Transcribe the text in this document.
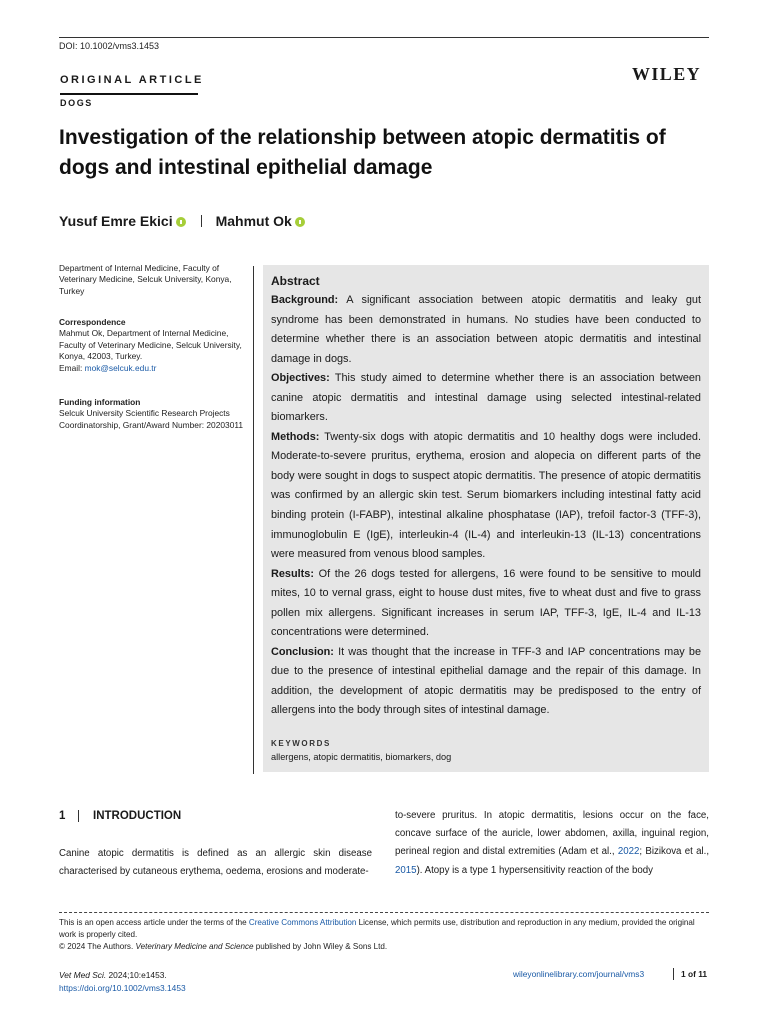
DOI: 10.1002/vms3.1453
ORIGINAL ARTICLE
DOGS
WILEY
Investigation of the relationship between atopic dermatitis of dogs and intestinal epithelial damage
Yusuf Emre Ekici	Mahmut Ok
Department of Internal Medicine, Faculty of Veterinary Medicine, Selcuk University, Konya, Turkey
Correspondence
Mahmut Ok, Department of Internal Medicine, Faculty of Veterinary Medicine, Selcuk University, Konya, 42003, Turkey.
Email: mok@selcuk.edu.tr
Funding information
Selcuk University Scientific Research Projects Coordinatorship, Grant/Award Number: 20203011
Abstract

Background: A significant association between atopic dermatitis and leaky gut syndrome has been demonstrated in humans. No studies have been conducted to determine whether there is an association between atopic dermatitis and intestinal damage in dogs.

Objectives: This study aimed to determine whether there is an association between canine atopic dermatitis and intestinal damage using selected intestinal-related biomarkers.

Methods: Twenty-six dogs with atopic dermatitis and 10 healthy dogs were included. Moderate-to-severe pruritus, erythema, erosion and alopecia on different parts of the body were sought in dogs to suspect atopic dermatitis. The presence of atopic dermatitis was confirmed by an allergic skin test. Serum biomarkers including intestinal fatty acid binding protein (I-FABP), intestinal alkaline phosphatase (IAP), trefoil factor-3 (TFF-3), immunoglobulin E (IgE), interleukin-4 (IL-4) and interleukin-13 (IL-13) concentrations were measured from venous blood samples.

Results: Of the 26 dogs tested for allergens, 16 were found to be sensitive to mould mites, 10 to vernal grass, eight to house dust mites, five to wheat dust and five to grass pollen mix allergens. Significant increases in serum IAP, TFF-3, IgE, IL-4 and IL-13 concentrations were determined.

Conclusion: It was thought that the increase in TFF-3 and IAP concentrations may be due to the presence of intestinal epithelial damage and the repair of this damage. In addition, the development of atopic dermatitis may be predisposed to the entry of allergens into the body through sites of intestinal damage.

KEYWORDS
allergens, atopic dermatitis, biomarkers, dog
1 INTRODUCTION
Canine atopic dermatitis is defined as an allergic skin disease characterised by cutaneous erythema, oedema, erosions and moderate-
to-severe pruritus. In atopic dermatitis, lesions occur on the face, concave surface of the auricle, lower abdomen, axilla, inguinal region, perineal region and distal extremities (Adam et al., 2022; Bizikova et al., 2015). Atopy is a type 1 hypersensitivity reaction of the body

This is an open access article under the terms of the Creative Commons Attribution License, which permits use, distribution and reproduction in any medium, provided the original work is properly cited.

© 2024 The Authors. Veterinary Medicine and Science published by John Wiley & Sons Ltd.

Vet Med Sci. 2024;10:e1453.
https://doi.org/10.1002/vms3.1453
wileyonlinelibrary.com/journal/vms3	1 of 11
